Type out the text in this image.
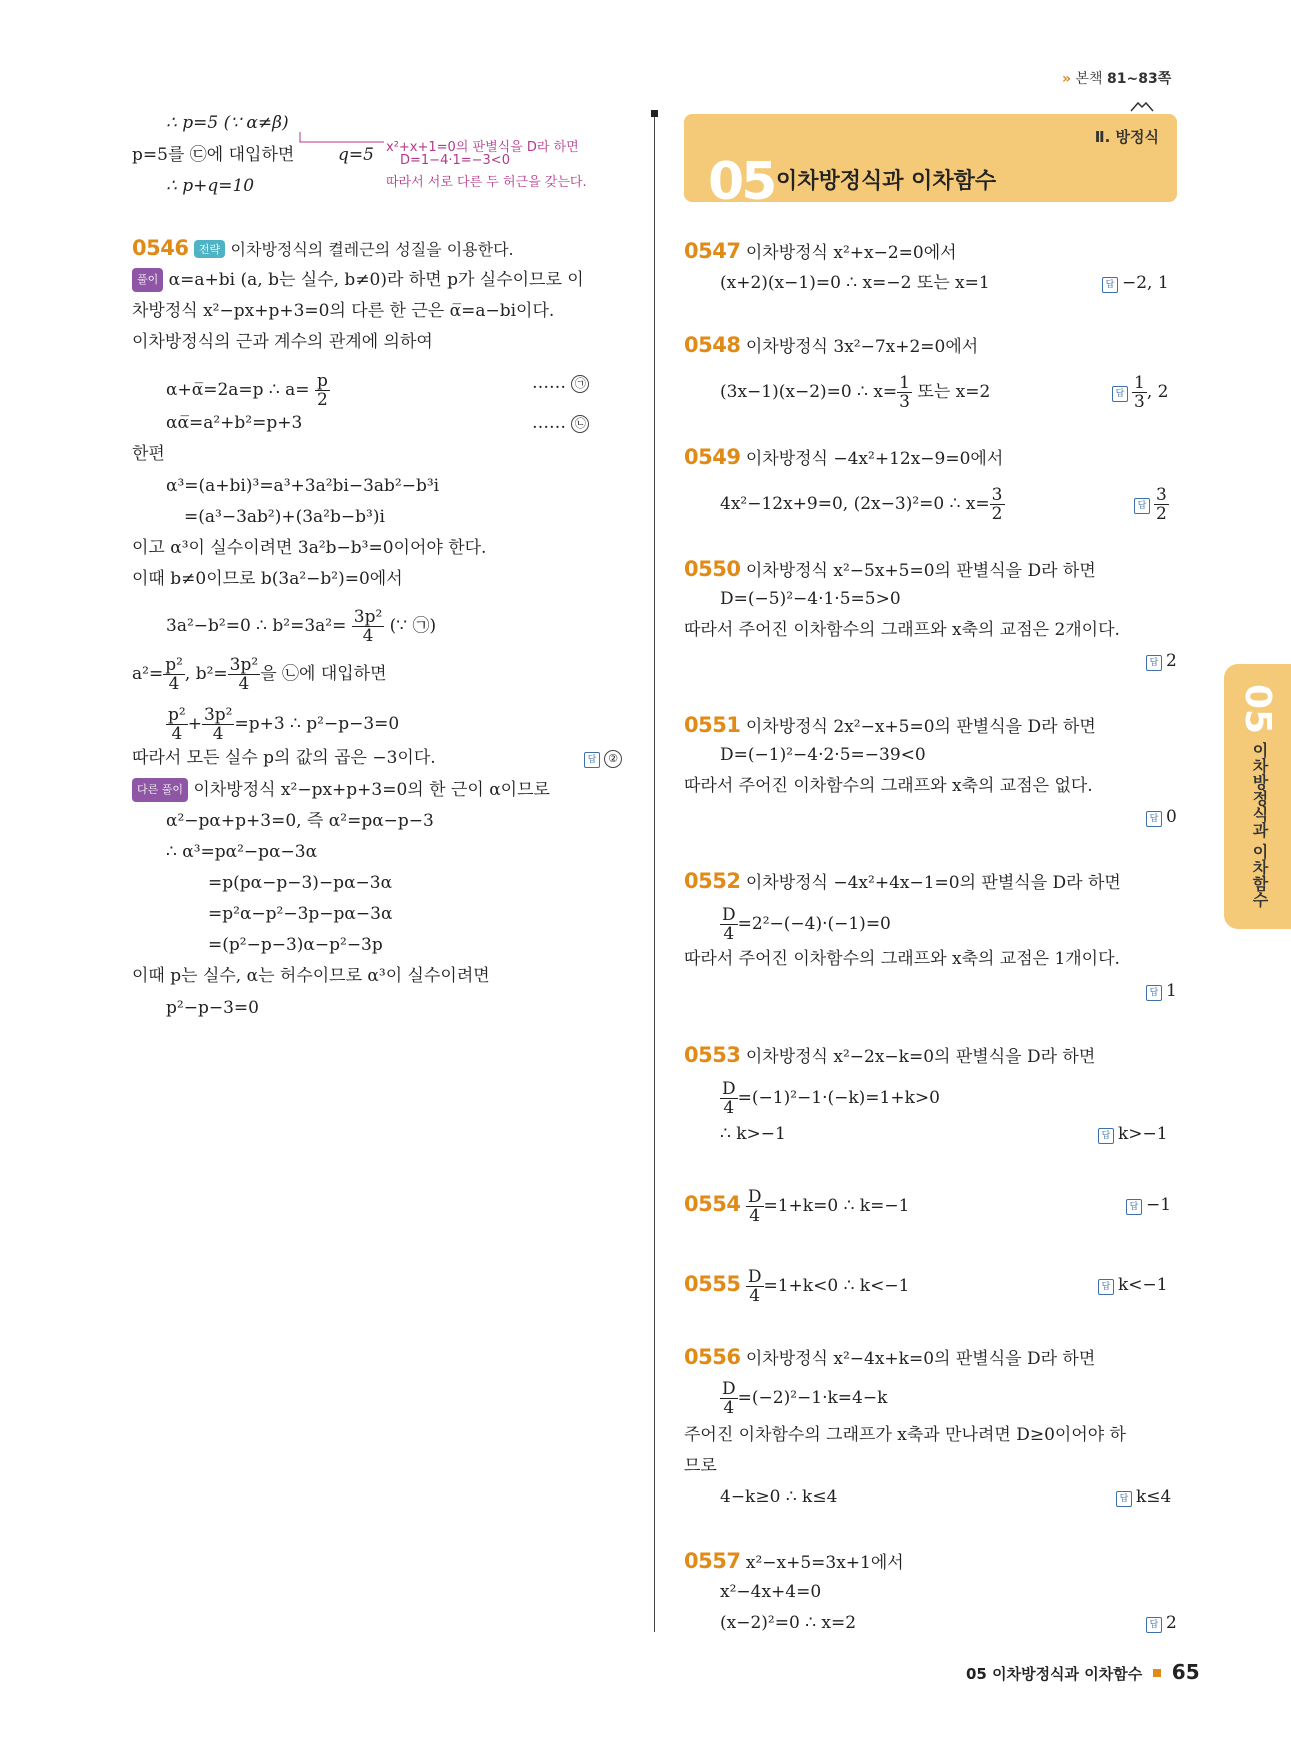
» 본책 81~83쪽
Ⅱ. 방정식
05 이차방정식과 이차함수
05
이차방정식과 이차함수
∴ p=5 (∵ α≠β)
p=5를 ㉢에 대입하면	q=5
∴ p+q=10
x²+x+1=0의 판별식을 D라 하면
D=1−4·1=−3<0
따라서 서로 다른 두 허근을 갖는다.
0546 전략 이차방정식의 켤레근의 성질을 이용한다.
풀이 α=a+bi (a, b는 실수, b≠0)라 하면 p가 실수이므로 이
차방정식 x²−px+p+3=0의 다른 한 근은 α̅=a−bi이다.
이차방정식의 근과 계수의 관계에 의하여
α+α̅=2a=p ∴ $a= \frac{p}{2}$	…… ㉠
αα̅=a²+b²=p+3	…… ㉡
한편
α³=(a+bi)³=a³+3a²bi−3ab²−b³i
=(a³−3ab²)+(3a²b−b³)i
이고 α³이 실수이려면 3a²b−b³=0이어야 한다.
이때 b≠0이므로 b(3a²−b²)=0에서
3a²−b²=0 ∴ $b^2=3a^2= \frac{\text{3p²}}{4}$ (∵ ㉠)
$a^2= \frac{\text{p²}}{4}$ , $b^2= \frac{\text{3p²}}{4}$ 을 ㉡에 대입하면
$\frac{\text{p²}}{4} + \frac{\text{3p²}}{4} =p+3$ ∴ p²−p−3=0
따라서 모든 실수 p의 값의 곱은 −3이다.	답 ②
다른 풀이 이차방정식 x²−px+p+3=0의 한 근이 α이므로
α²−pα+p+3=0, 즉 α²=pα−p−3
∴ α³=pα²−pα−3α
=p(pα−p−3)−pα−3α
=p²α−p²−3p−pα−3α
=(p²−p−3)α−p²−3p
이때 p는 실수, α는 허수이므로 α³이 실수이려면
p²−p−3=0
0547 이차방정식 x²+x−2=0에서
(x+2)(x−1)=0 ∴ x=−2 또는 x=1	답 −2, 1
0548 이차방정식 3x²−7x+2=0에서
(3x−1)(x−2)=0 ∴ $x= \frac{1}{3}$ 또는 x=2	답 $\frac{1}{3}$ , 2
0549 이차방정식 −4x²+12x−9=0에서
4x²−12x+9=0, (2x−3)²=0 ∴ $x= \frac{3}{2}$	답 $\frac{3}{2}$
0550 이차방정식 x²−5x+5=0의 판별식을 D라 하면
D=(−5)²−4·1·5=5>0
따라서 주어진 이차함수의 그래프와 x축의 교점은 2개이다.
답 2
0551 이차방정식 2x²−x+5=0의 판별식을 D라 하면
D=(−1)²−4·2·5=−39<0
따라서 주어진 이차함수의 그래프와 x축의 교점은 없다.
답 0
0552 이차방정식 −4x²+4x−1=0의 판별식을 D라 하면
$\frac{D}{4} =2^2-(-4)\cdot(-1)=0$
따라서 주어진 이차함수의 그래프와 x축의 교점은 1개이다.
답 1
0553 이차방정식 x²−2x−k=0의 판별식을 D라 하면
$\frac{D}{4} =(-1)^2-1\cdot(-k)=1+k>0$
∴ k>−1	답 k>−1
$0554 \frac{D}{4} =1+k=0$ ∴ k=−1	답 −1
$0555 \frac{D}{4} =1+k<0$ ∴ k<−1	답 k<−1
0556 이차방정식 x²−4x+k=0의 판별식을 D라 하면
$\frac{D}{4} =(-2)^2-1\cdot k=4-k$
주어진 이차함수의 그래프가 x축과 만나려면 D≥0이어야 하
므로
4−k≥0 ∴ k≤4	답 k≤4
0557 x²−x+5=3x+1에서
x²−4x+4=0
(x−2)²=0 ∴ x=2	답 2
05 이차방정식과 이차함수 65
